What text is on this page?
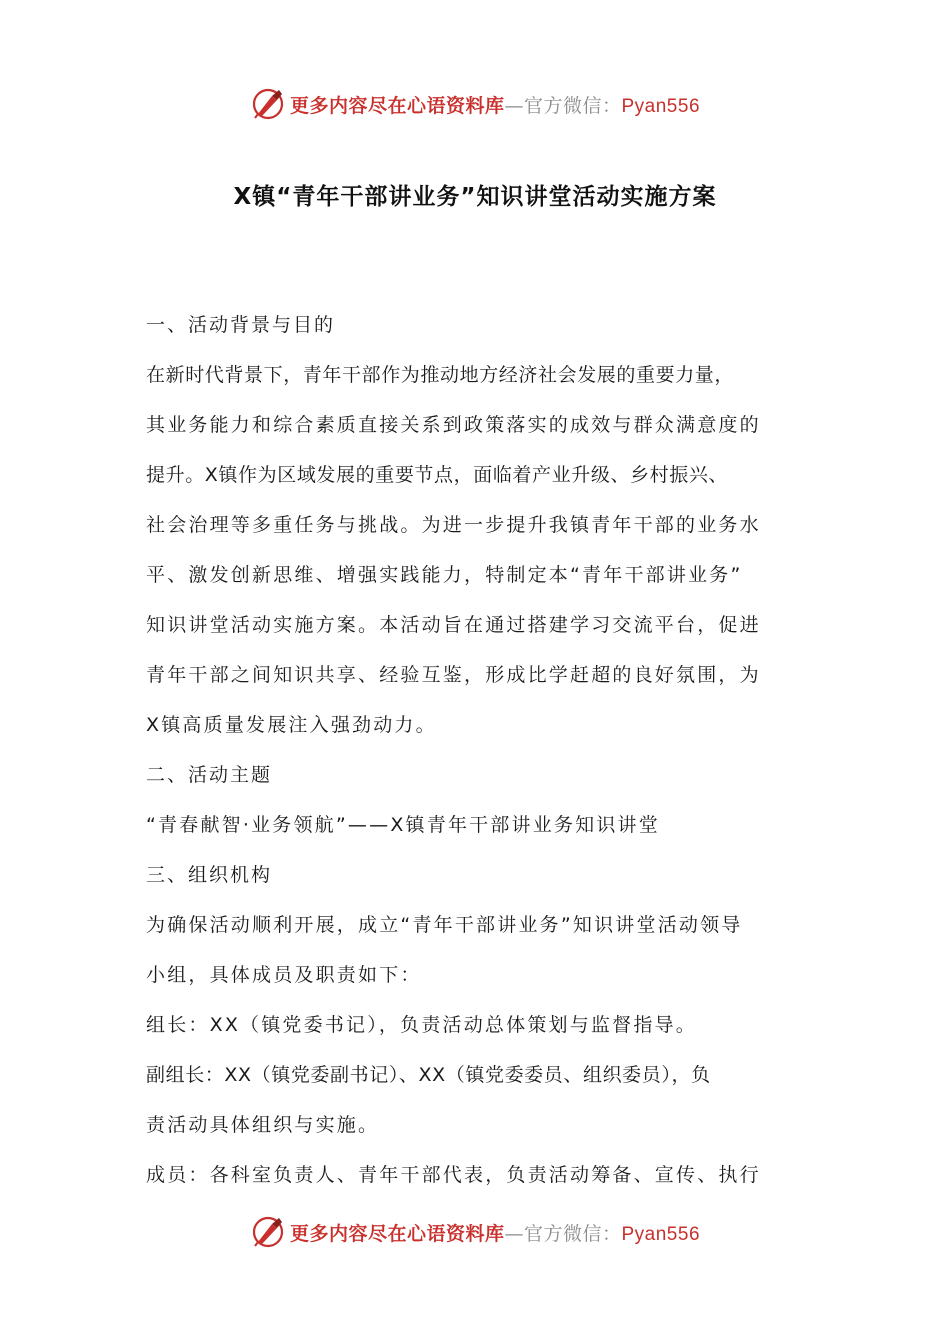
更多内容尽在心语资料库—官方微信：Pyan556
X镇“青年干部讲业务”知识讲堂活动实施方案
一、活动背景与目的
在新时代背景下，青年干部作为推动地方经济社会发展的重要力量，
其业务能力和综合素质直接关系到政策落实的成效与群众满意度的
提升。X镇作为区域发展的重要节点，面临着产业升级、乡村振兴、
社会治理等多重任务与挑战。为进一步提升我镇青年干部的业务水
平、激发创新思维、增强实践能力，特制定本“青年干部讲业务”
知识讲堂活动实施方案。本活动旨在通过搭建学习交流平台，促进
青年干部之间知识共享、经验互鉴，形成比学赶超的良好氛围，为
X镇高质量发展注入强劲动力。
二、活动主题
“青春献智·业务领航”——X镇青年干部讲业务知识讲堂
三、组织机构
为确保活动顺利开展，成立“青年干部讲业务”知识讲堂活动领导
小组，具体成员及职责如下：
组长：XX（镇党委书记），负责活动总体策划与监督指导。
副组长：XX（镇党委副书记）、XX（镇党委委员、组织委员），负
责活动具体组织与实施。
成员：各科室负责人、青年干部代表，负责活动筹备、宣传、执行
更多内容尽在心语资料库—官方微信：Pyan556
